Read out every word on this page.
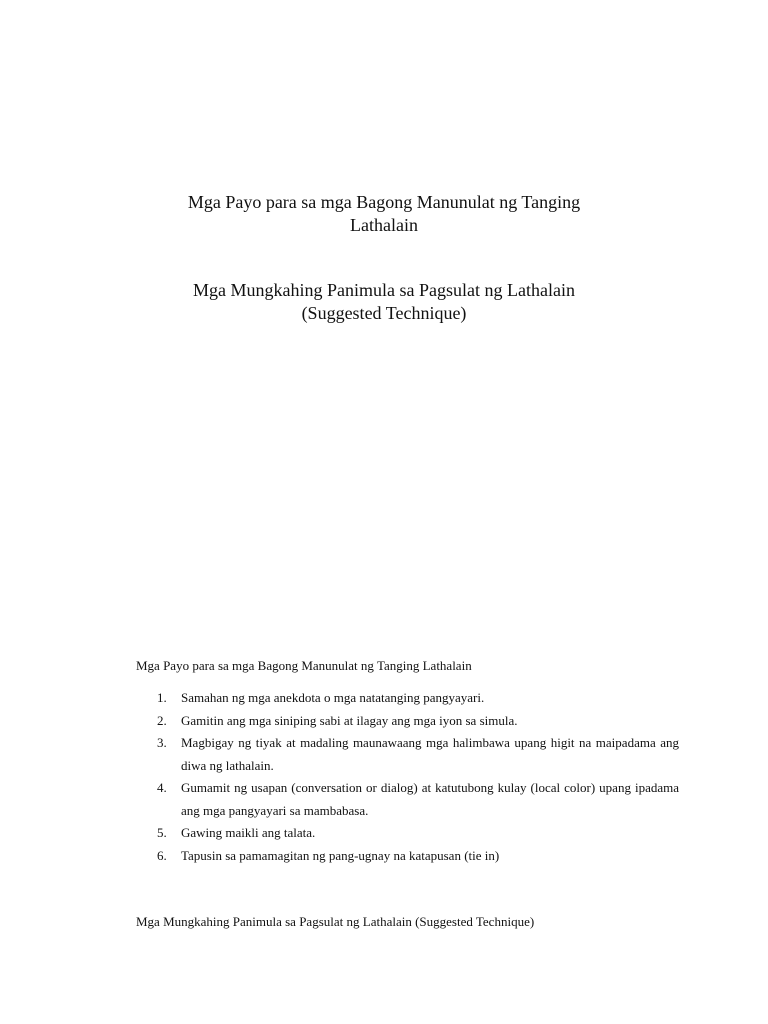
Mga Payo para sa mga Bagong Manunulat ng Tanging
Lathalain
Mga Mungkahing Panimula sa Pagsulat ng Lathalain
(Suggested Technique)
Mga Payo para sa mga Bagong Manunulat ng Tanging Lathalain
1. Samahan ng mga anekdota o mga natatanging pangyayari.
2. Gamitin ang mga siniping sabi at ilagay ang mga iyon sa simula.
3. Magbigay ng tiyak at madaling maunawaang mga halimbawa upang higit na maipadama ang diwa ng lathalain.
4. Gumamit ng usapan (conversation or dialog) at katutubong kulay (local color) upang ipadama ang mga pangyayari sa mambabasa.
5. Gawing maikli ang talata.
6. Tapusin sa pamamagitan ng pang-ugnay na katapusan (tie in)
Mga Mungkahing Panimula sa Pagsulat ng Lathalain (Suggested Technique)
